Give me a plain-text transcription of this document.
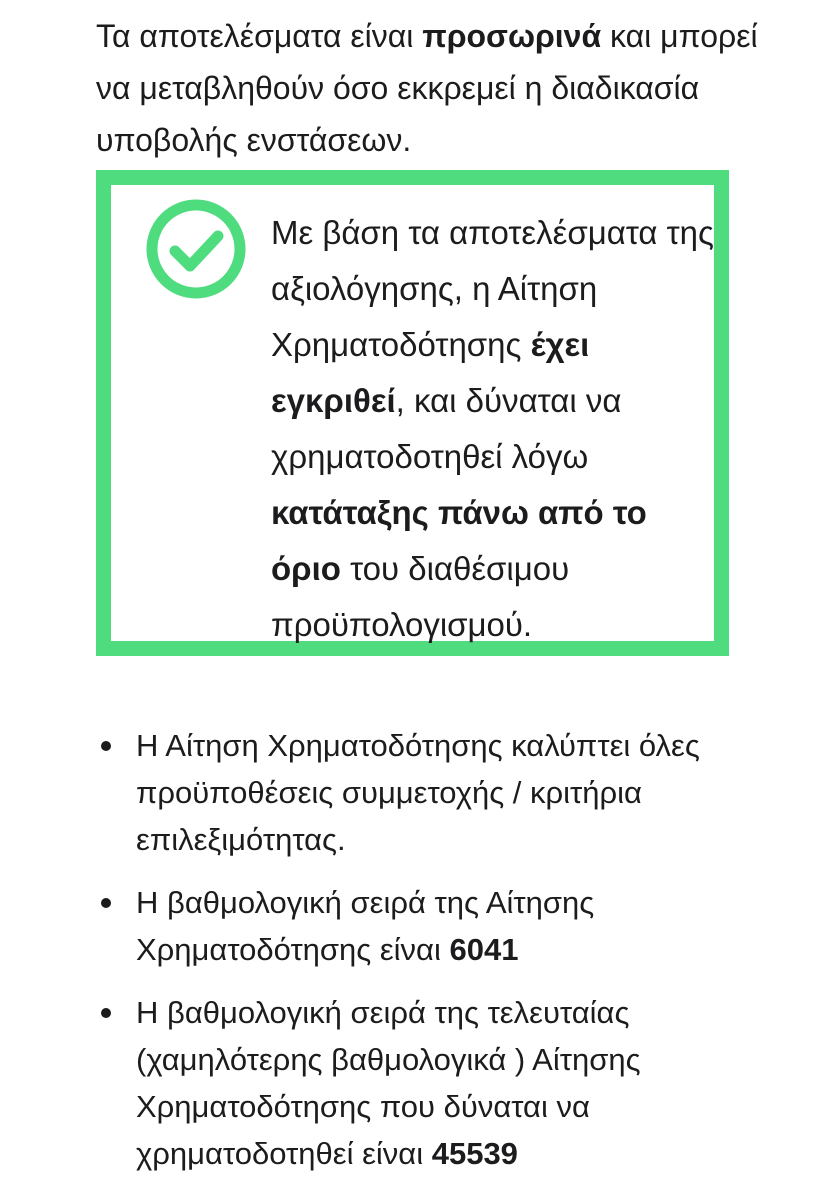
Τα αποτελέσματα είναι προσωρινά και μπορεί να μεταβληθούν όσο εκκρεμεί η διαδικασία υποβολής ενστάσεων.

Με βάση τα αποτελέσματα της αξιολόγησης, η Αίτηση Χρηματοδότησης έχει εγκριθεί, και δύναται να χρηματοδοτηθεί λόγω κατάταξης πάνω από το όριο του διαθέσιμου προϋπολογισμού.

Η Αίτηση Χρηματοδότησης καλύπτει όλες προϋποθέσεις συμμετοχής / κριτήρια επιλεξιμότητας.
Η βαθμολογική σειρά της Αίτησης Χρηματοδότησης είναι 6041
Η βαθμολογική σειρά της τελευταίας (χαμηλότερης βαθμολογικά ) Αίτησης Χρηματοδότησης που δύναται να χρηματοδοτηθεί είναι 45539
